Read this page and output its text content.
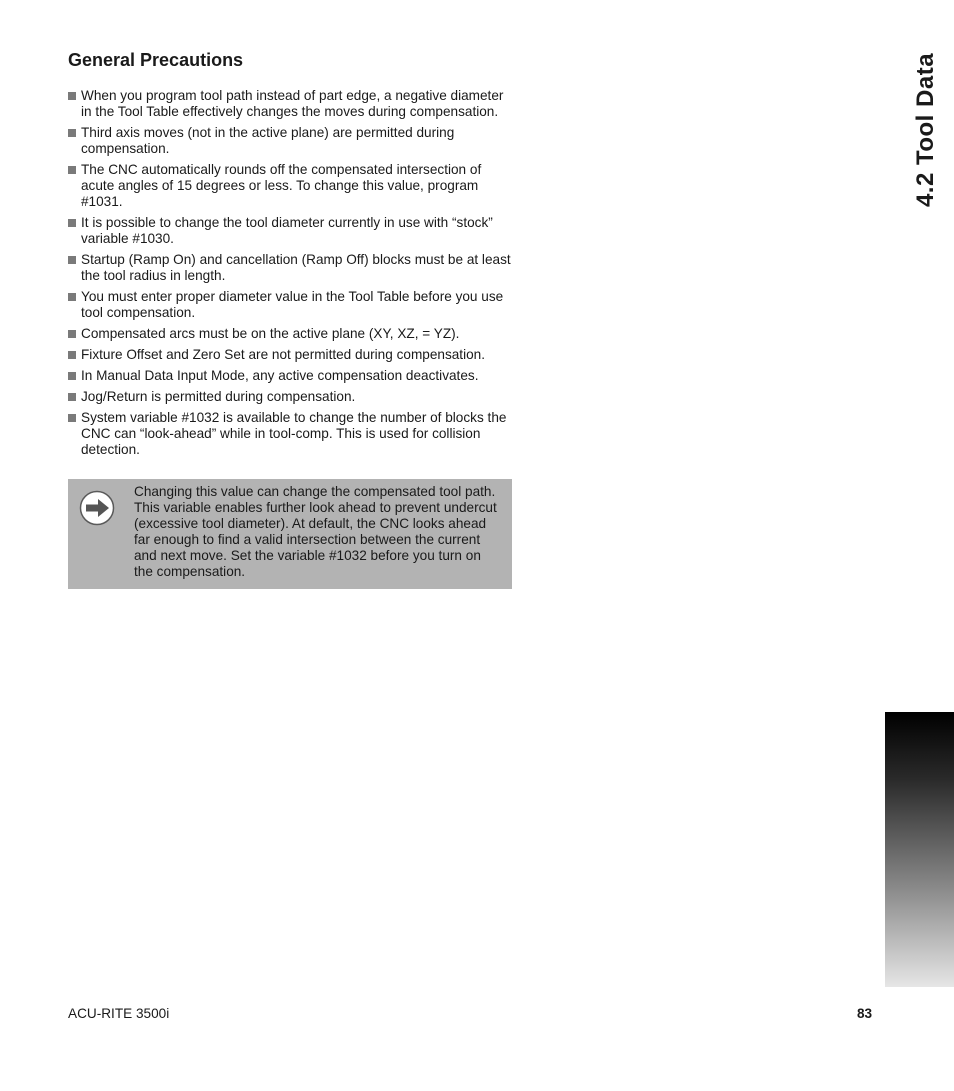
General Precautions
When you program tool path instead of part edge, a negative diameter in the Tool Table effectively changes the moves during compensation.
Third axis moves (not in the active plane) are permitted during compensation.
The CNC automatically rounds off the compensated intersection of acute angles of 15 degrees or less. To change this value, program #1031.
It is possible to change the tool diameter currently in use with “stock” variable #1030.
Startup (Ramp On) and cancellation (Ramp Off) blocks must be at least the tool radius in length.
You must enter proper diameter value in the Tool Table before you use tool compensation.
Compensated arcs must be on the active plane (XY, XZ, = YZ).
Fixture Offset and Zero Set are not permitted during compensation.
In Manual Data Input Mode, any active compensation deactivates.
Jog/Return is permitted during compensation.
System variable #1032 is available to change the number of blocks the CNC can “look-ahead” while in tool-comp. This is used for collision detection.

Changing this value can change the compensated tool path. This variable enables further look ahead to prevent undercut (excessive tool diameter). At default, the CNC looks ahead far enough to find a valid intersection between the current and next move. Set the variable #1032 before you turn on the compensation.

4.2 Tool Data
ACU-RITE 3500i	83
